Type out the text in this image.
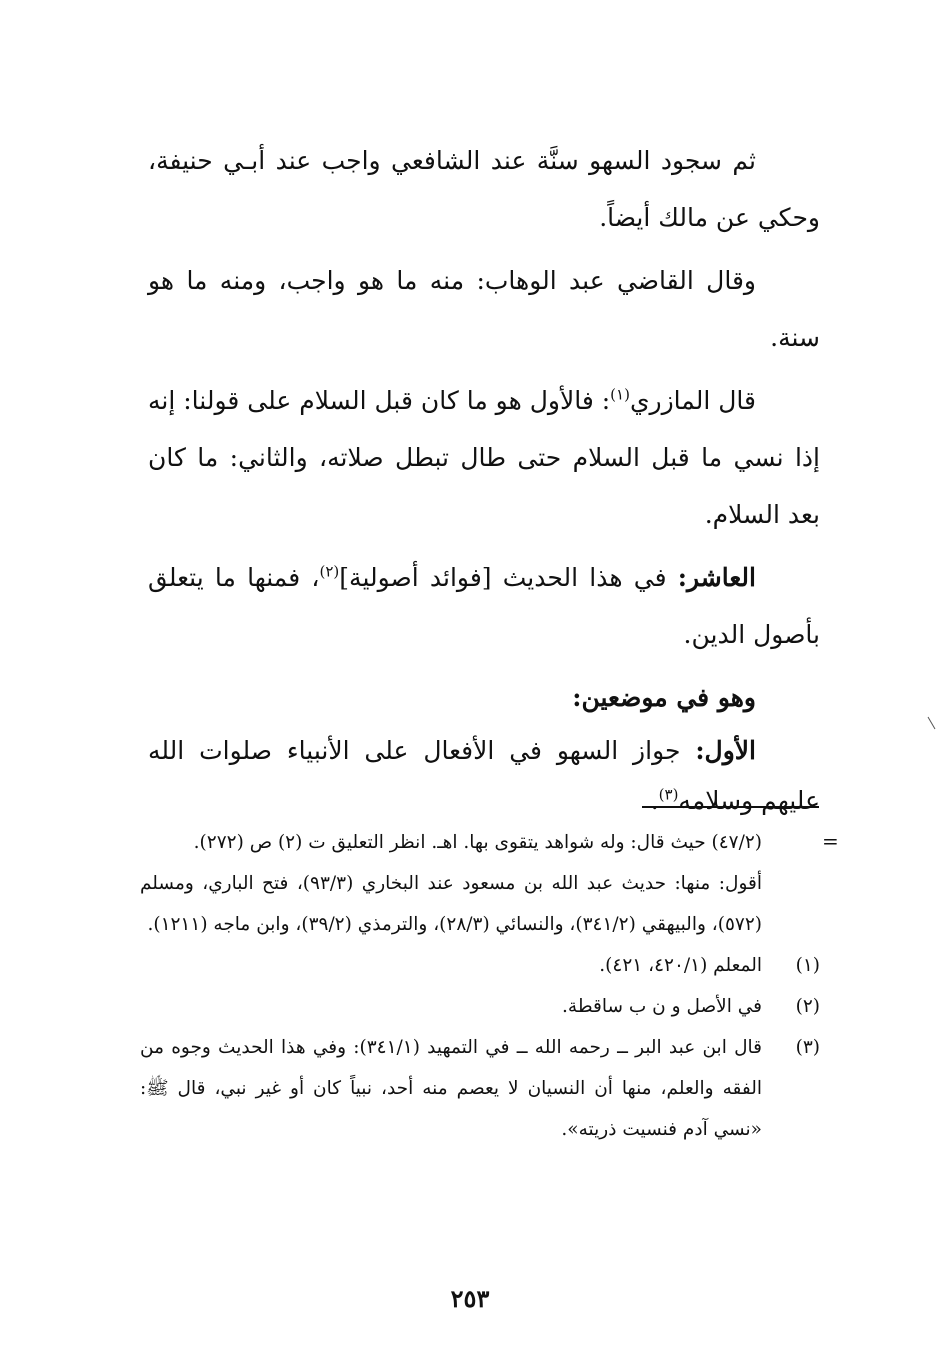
ثم سجود السهو سنَّة عند الشافعي واجب عند أبـي حنيفة، وحكي عن مالك أيضاً.

وقال القاضي عبد الوهاب: منه ما هو واجب، ومنه ما هو سنة.

قال المازري$^{(١)}$: فالأول هو ما كان قبل السلام على قولنا: إنه إذا نسي ما قبل السلام حتى طال تبطل صلاته، والثاني: ما كان بعد السلام.

العاشر: في هذا الحديث [فوائد أصولية]$^{(٢)}$، فمنها ما يتعلق بأصول الدين.

وهو في موضعين:

الأول: جواز السهو في الأفعال على الأنبياء صلوات الله عليهم وسلامه$^{(٣)}$.

=

(٤٧/٢) حيث قال: وله شواهد يتقوى بها. اهـ. انظر التعليق ت (٢) ص (٢٧٢).

أقول: منها: حديث عبد الله بن مسعود عند البخاري (٩٣/٣)، فتح الباري، ومسلم (٥٧٢)، والبيهقي (٣٤١/٢)، والنسائي (٢٨/٣)، والترمذي (٣٩/٢)، وابن ماجه (١٢١١).

(١)
المعلم (٤٢٠/١، ٤٢١).

(٢)
في الأصل و ن ب ساقطة.

(٣)
قال ابن عبد البر ــ رحمه الله ــ في التمهيد (٣٤١/١): وفي هذا الحديث وجوه من الفقه والعلم، منها أن النسيان لا يعصم منه أحد، نبياً كان أو غير نبي، قال ﷺ: «نسي آدم فنسيت ذريته».

٢٥٣
